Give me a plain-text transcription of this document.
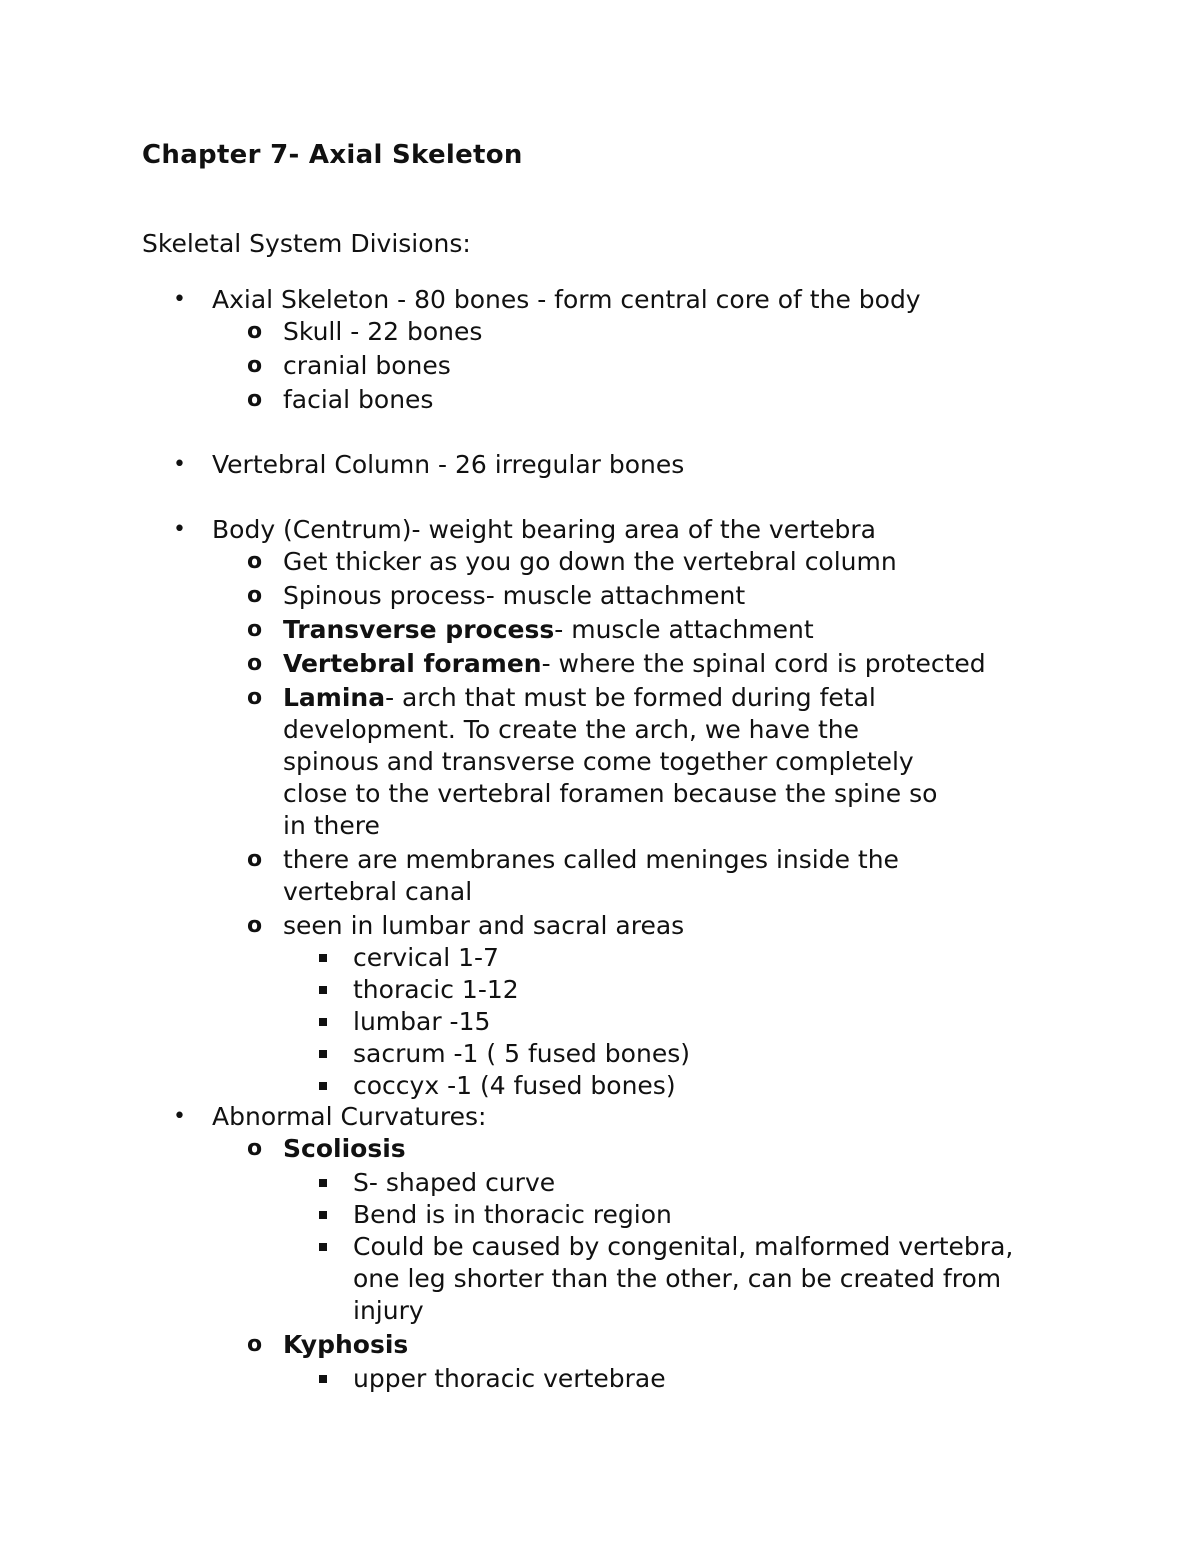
Chapter 7- Axial Skeleton

Skeletal System Divisions:

• Axial Skeleton - 80 bones - form central core of the body
o Skull - 22 bones
o cranial bones
o facial bones
• Vertebral Column - 26 irregular bones
• Body (Centrum)- weight bearing area of the vertebra
o Get thicker as you go down the vertebral column
o Spinous process- muscle attachment
o Transverse process- muscle attachment
o Vertebral foramen- where the spinal cord is protected
o Lamina- arch that must be formed during fetal development. To create the arch, we have the spinous and transverse come together completely close to the vertebral foramen because the spine so in there
o there are membranes called meninges inside the vertebral canal
o seen in lumbar and sacral areas
cervical 1-7
thoracic 1-12
lumbar -15
sacrum -1 ( 5 fused bones)
coccyx -1 (4 fused bones)
• Abnormal Curvatures:
o Scoliosis
S- shaped curve
Bend is in thoracic region
Could be caused by congenital, malformed vertebra, one leg shorter than the other, can be created from injury
o Kyphosis
upper thoracic vertebrae
